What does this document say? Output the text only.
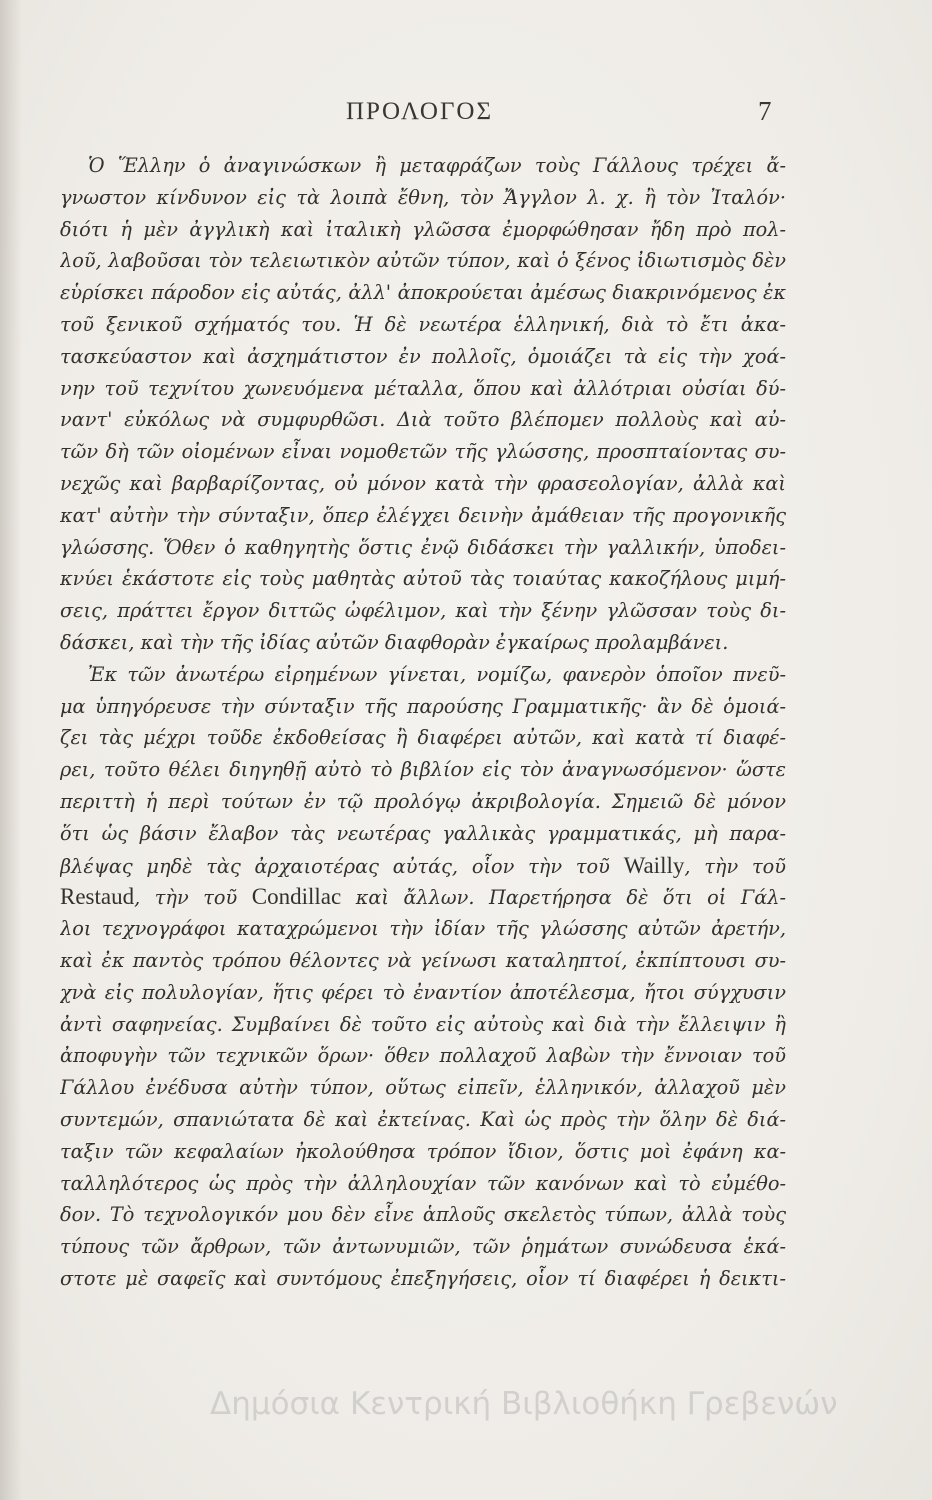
ΠΡΟΛΟΓΟΣ	7
Ὁ Ἕλλην ὁ ἀναγινώσκων ἢ μεταφράζων τοὺς Γάλλους τρέχει ἄ-
γνωστον κίνδυνον εἰς τὰ λοιπὰ ἔθνη, τὸν Ἄγγλον λ. χ. ἢ τὸν Ἰταλόν·
διότι ἡ μὲν ἀγγλικὴ καὶ ἰταλικὴ γλῶσσα ἐμορφώθησαν ἤδη πρὸ πολ-
λοῦ, λαβοῦσαι τὸν τελειωτικὸν αὐτῶν τύπον, καὶ ὁ ξένος ἰδιωτισμὸς δὲν
εὑρίσκει πάροδον εἰς αὐτάς, ἀλλ' ἀποκρούεται ἀμέσως διακρινόμενος ἐκ
τοῦ ξενικοῦ σχήματός του. Ἡ δὲ νεωτέρα ἑλληνική, διὰ τὸ ἔτι ἀκα-
τασκεύαστον καὶ ἀσχημάτιστον ἐν πολλοῖς, ὁμοιάζει τὰ εἰς τὴν χοά-
νην τοῦ τεχνίτου χωνευόμενα μέταλλα, ὅπου καὶ ἀλλότριαι οὐσίαι δύ-
ναντ' εὐκόλως νὰ συμφυρθῶσι. Διὰ τοῦτο βλέπομεν πολλοὺς καὶ αὐ-
τῶν δὴ τῶν οἰομένων εἶναι νομοθετῶν τῆς γλώσσης, προσπταίοντας συ-
νεχῶς καὶ βαρβαρίζοντας, οὐ μόνον κατὰ τὴν φρασεολογίαν, ἀλλὰ καὶ
κατ' αὐτὴν τὴν σύνταξιν, ὅπερ ἐλέγχει δεινὴν ἀμάθειαν τῆς προγονικῆς
γλώσσης. Ὅθεν ὁ καθηγητὴς ὅστις ἐνῷ διδάσκει τὴν γαλλικήν, ὑποδει-
κνύει ἑκάστοτε εἰς τοὺς μαθητὰς αὐτοῦ τὰς τοιαύτας κακοζήλους μιμή-
σεις, πράττει ἔργον διττῶς ὠφέλιμον, καὶ τὴν ξένην γλῶσσαν τοὺς δι-
δάσκει, καὶ τὴν τῆς ἰδίας αὐτῶν διαφθορὰν ἐγκαίρως προλαμβάνει.
Ἐκ τῶν ἀνωτέρω εἰρημένων γίνεται, νομίζω, φανερὸν ὁποῖον πνεῦ-
μα ὑπηγόρευσε τὴν σύνταξιν τῆς παρούσης Γραμματικῆς· ἂν δὲ ὁμοιά-
ζει τὰς μέχρι τοῦδε ἐκδοθείσας ἢ διαφέρει αὐτῶν, καὶ κατὰ τί διαφέ-
ρει, τοῦτο θέλει διηγηθῇ αὐτὸ τὸ βιβλίον εἰς τὸν ἀναγνωσόμενον· ὥστε
περιττὴ ἡ περὶ τούτων ἐν τῷ προλόγῳ ἀκριβολογία. Σημειῶ δὲ μόνον
ὅτι ὡς βάσιν ἔλαβον τὰς νεωτέρας γαλλικὰς γραμματικάς, μὴ παρα-
βλέψας μηδὲ τὰς ἀρχαιοτέρας αὐτάς, οἷον τὴν τοῦ Wailly, τὴν τοῦ
Restaud, τὴν τοῦ Condillac καὶ ἄλλων. Παρετήρησα δὲ ὅτι οἱ Γάλ-
λοι τεχνογράφοι καταχρώμενοι τὴν ἰδίαν τῆς γλώσσης αὐτῶν ἀρετήν,
καὶ ἐκ παντὸς τρόπου θέλοντες νὰ γείνωσι καταληπτοί, ἐκπίπτουσι συ-
χνὰ εἰς πολυλογίαν, ἥτις φέρει τὸ ἐναντίον ἀποτέλεσμα, ἤτοι σύγχυσιν
ἀντὶ σαφηνείας. Συμβαίνει δὲ τοῦτο εἰς αὐτοὺς καὶ διὰ τὴν ἔλλειψιν ἢ
ἀποφυγὴν τῶν τεχνικῶν ὅρων· ὅθεν πολλαχοῦ λαβὼν τὴν ἔννοιαν τοῦ
Γάλλου ἐνέδυσα αὐτὴν τύπον, οὕτως εἰπεῖν, ἑλληνικόν, ἀλλαχοῦ μὲν
συντεμών, σπανιώτατα δὲ καὶ ἐκτείνας. Καὶ ὡς πρὸς τὴν ὅλην δὲ διά-
ταξιν τῶν κεφαλαίων ἠκολούθησα τρόπον ἴδιον, ὅστις μοὶ ἐφάνη κα-
ταλληλότερος ὡς πρὸς τὴν ἀλληλουχίαν τῶν κανόνων καὶ τὸ εὐμέθο-
δον. Τὸ τεχνολογικόν μου δὲν εἶνε ἁπλοῦς σκελετὸς τύπων, ἀλλὰ τοὺς
τύπους τῶν ἄρθρων, τῶν ἀντωνυμιῶν, τῶν ῥημάτων συνώδευσα ἑκά-
στοτε μὲ σαφεῖς καὶ συντόμους ἐπεξηγήσεις, οἷον τί διαφέρει ἡ δεικτι-
Δημόσια Κεντρική Βιβλιοθήκη Γρεβενών
